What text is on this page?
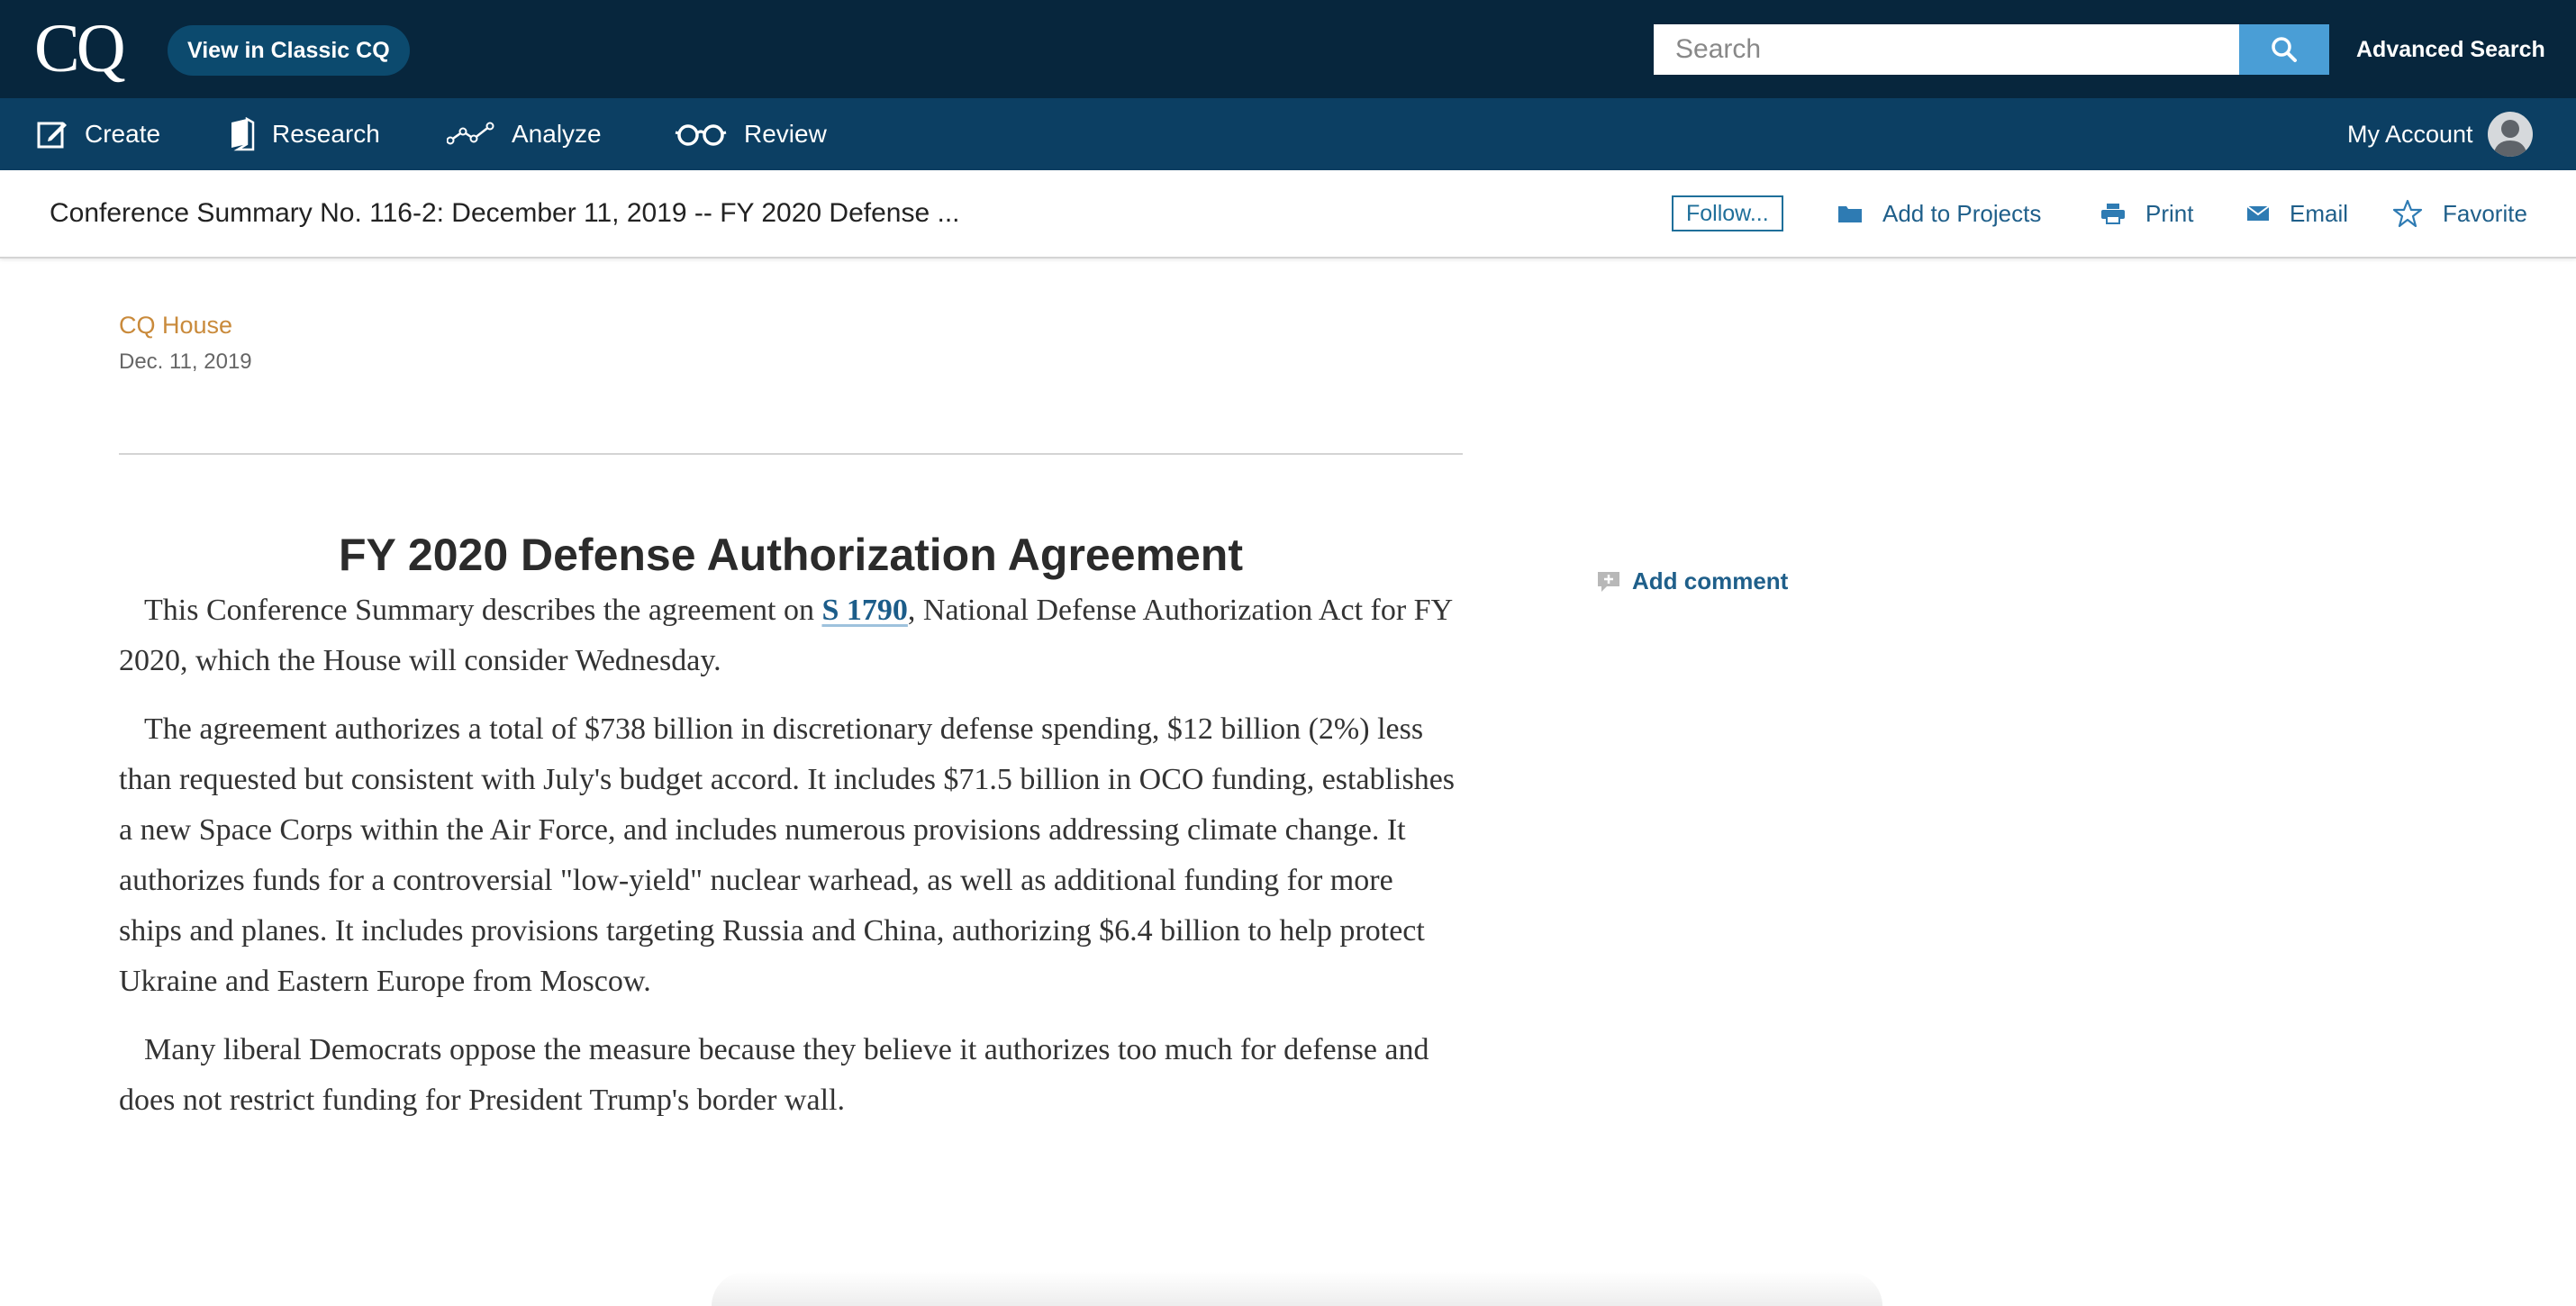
CQ	View in Classic CQ
Search	Advanced Search
Create	Research	Analyze	Review	My Account
Conference Summary No. 116-2: December 11, 2019 -- FY 2020 Defense ...	Follow...	Add to Projects	Print	Email	Favorite
CQ House
Dec. 11, 2019
FY 2020 Defense Authorization Agreement

This Conference Summary describes the agreement on S 1790, National Defense Authorization Act for FY 2020, which the House will consider Wednesday.

The agreement authorizes a total of $738 billion in discretionary defense spending, $12 billion (2%) less than requested but consistent with July's budget accord. It includes $71.5 billion in OCO funding, establishes a new Space Corps within the Air Force, and includes numerous provisions addressing climate change. It authorizes funds for a controversial "low-yield" nuclear warhead, as well as additional funding for more ships and planes. It includes provisions targeting Russia and China, authorizing $6.4 billion to help protect Ukraine and Eastern Europe from Moscow.

Many liberal Democrats oppose the measure because they believe it authorizes too much for defense and does not restrict funding for President Trump's border wall.

Add comment
